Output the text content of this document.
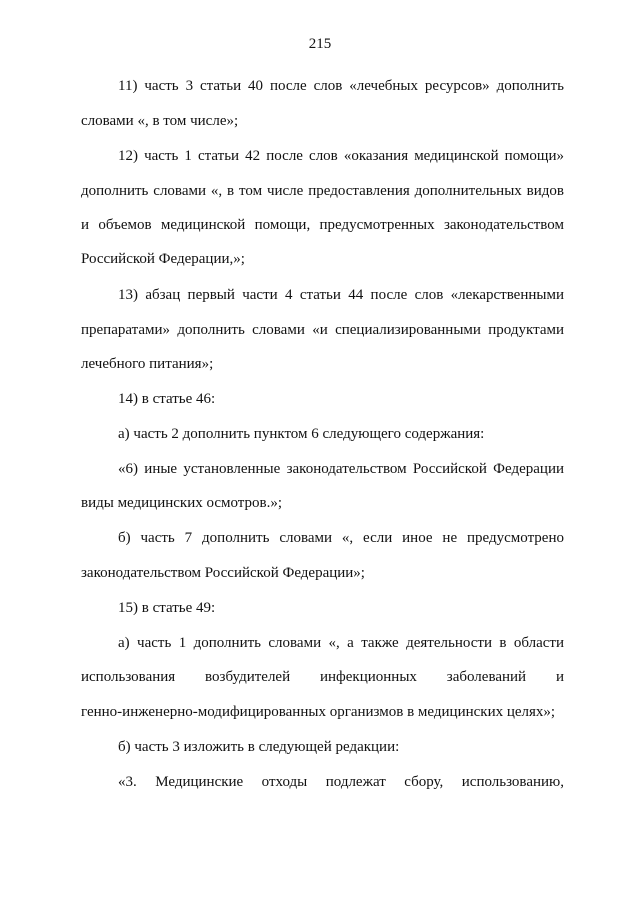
215
11) часть 3 статьи 40 после слов «лечебных ресурсов» дополнить
словами «, в том числе»;
12) часть 1 статьи 42 после слов «оказания медицинской помощи»
дополнить словами «, в том числе предоставления дополнительных видов
и объемов медицинской помощи, предусмотренных законодательством
Российской Федерации,»;
13) абзац первый части 4 статьи 44 после слов «лекарственными
препаратами» дополнить словами «и специализированными продуктами
лечебного питания»;
14) в статье 46:
а) часть 2 дополнить пунктом 6 следующего содержания:
«6) иные установленные законодательством Российской Федерации
виды медицинских осмотров.»;
б) часть 7 дополнить словами «, если иное не предусмотрено
законодательством Российской Федерации»;
15) в статье 49:
а) часть 1 дополнить словами «, а также деятельности в области
использования возбудителей инфекционных заболеваний и
генно-инженерно-модифицированных организмов в медицинских целях»;
б) часть 3 изложить в следующей редакции:
«3. Медицинские отходы подлежат сбору, использованию,
